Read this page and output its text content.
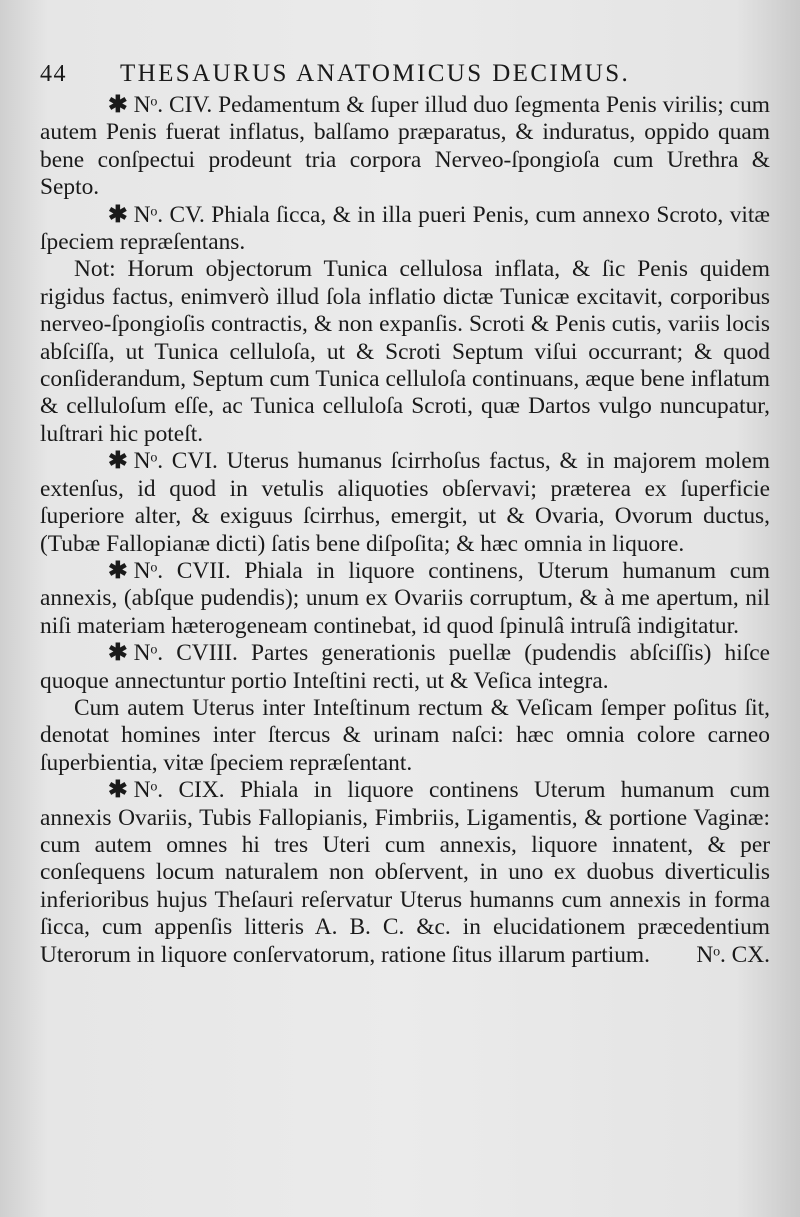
44	THESAURUS ANATOMICUS DECIMUS.

✱ Nᵒ. CIV. Pedamentum & ſuper illud duo ſegmenta Penis virilis; cum autem Penis fuerat inflatus, balſamo præparatus, & induratus, oppido quam bene conſpectui prodeunt tria corpora Nerveo-ſpongioſa cum Urethra & Septo.

✱ Nᵒ. CV. Phiala ſicca, & in illa pueri Penis, cum annexo Scroto, vitæ ſpeciem repræſentans.

Not: Horum objectorum Tunica cellulosa inflata, & ſic Penis quidem rigidus factus, enimverò illud ſola inflatio dictæ Tunicæ excitavit, corporibus nerveo-ſpongioſis contractis, & non expanſis. Scroti & Penis cutis, variis locis abſciſſa, ut Tunica celluloſa, ut & Scroti Septum viſui occurrant; & quod conſiderandum, Septum cum Tunica celluloſa continuans, æque bene inflatum & celluloſum eſſe, ac Tunica celluloſa Scroti, quæ Dartos vulgo nuncupatur, luſtrari hic poteſt.

✱ Nᵒ. CVI. Uterus humanus ſcirrhoſus factus, & in majorem molem extenſus, id quod in vetulis aliquoties obſervavi; præterea ex ſuperficie ſuperiore alter, & exiguus ſcirrhus, emergit, ut & Ovaria, Ovorum ductus, (Tubæ Fallopianæ dicti) ſatis bene diſpoſita; & hæc omnia in liquore.

✱ Nᵒ. CVII. Phiala in liquore continens, Uterum humanum cum annexis, (abſque pudendis); unum ex Ovariis corruptum, & à me apertum, nil niſi materiam hæterogeneam continebat, id quod ſpinulâ intruſâ indigitatur.

✱ Nᵒ. CVIII. Partes generationis puellæ (pudendis abſciſſis) hiſce quoque annectuntur portio Inteſtini recti, ut & Veſica integra.

Cum autem Uterus inter Inteſtinum rectum & Veſicam ſemper poſitus ſit, denotat homines inter ſtercus & urinam naſci: hæc omnia colore carneo ſuperbientia, vitæ ſpeciem repræſentant.

✱ Nᵒ. CIX. Phiala in liquore continens Uterum humanum cum annexis Ovariis, Tubis Fallopianis, Fimbriis, Ligamentis, & portione Vaginæ: cum autem omnes hi tres Uteri cum annexis, liquore innatent, & per conſequens locum naturalem non obſervent, in uno ex duobus diverticulis inferioribus hujus Theſauri reſervatur Uterus humanns cum annexis in forma ſicca, cum appenſis litteris A. B. C. &c. in elucidationem præcedentium Uterorum in liquore conſervatorum, ratione ſitus illarum partium.	Nᵒ. CX.
